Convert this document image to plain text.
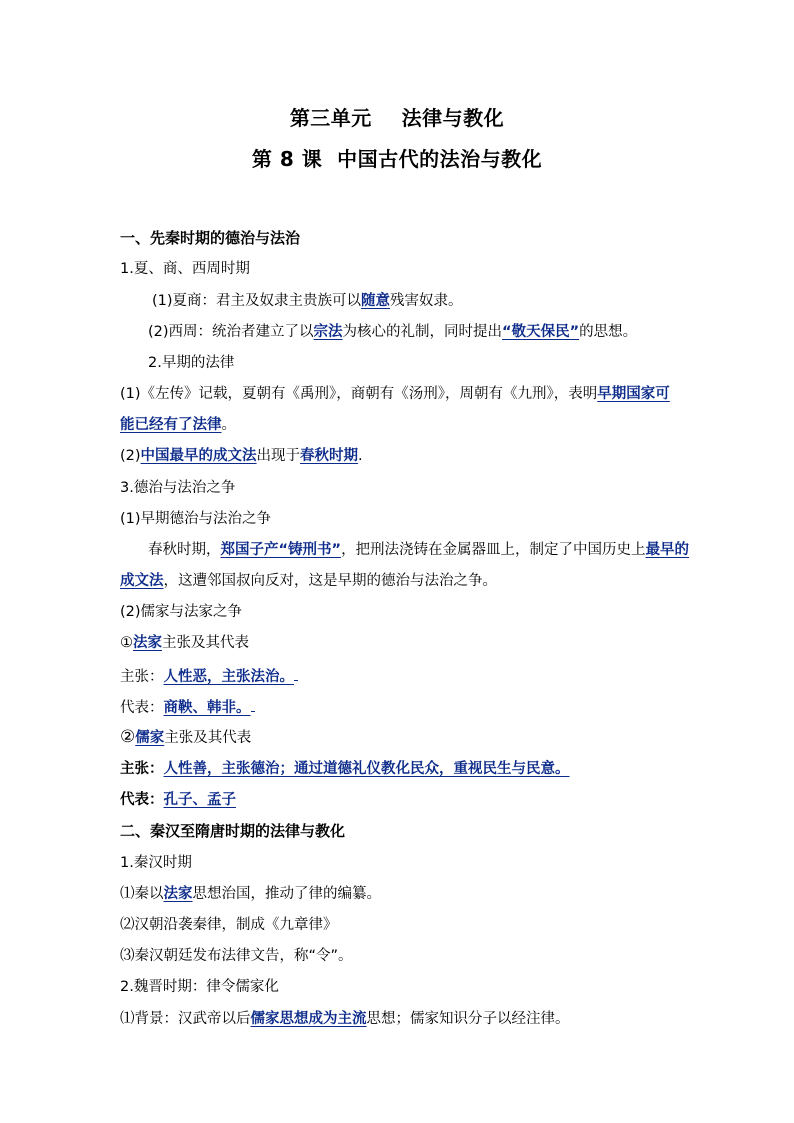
第三单元    法律与教化
第 8 课  中国古代的法治与教化
一、先秦时期的德治与法治
1.夏、商、西周时期
(1)夏商：君主及奴隶主贵族可以随意残害奴隶。
(2)西周：统治者建立了以宗法为核心的礼制，同时提出“敬天保民”的思想。
2.早期的法律
(1)《左传》记载，夏朝有《禹刑》，商朝有《汤刑》，周朝有《九刑》，表明早期国家可
能已经有了法律。
(2)中国最早的成文法出现于春秋时期.
3.德治与法治之争
(1)早期德治与法治之争
春秋时期，郑国子产“铸刑书”，把刑法浇铸在金属器皿上，制定了中国历史上最早的
成文法，这遭邻国叔向反对，这是早期的德治与法治之争。
(2)儒家与法家之争
①法家主张及其代表
主张：人性恶，主张法治。
代表：商鞅、韩非。
②儒家主张及其代表
主张：人性善，主张德治；通过道德礼仪教化民众，重视民生与民意。
代表：孔子、孟子
二、秦汉至隋唐时期的法律与教化
1.秦汉时期
⑴秦以法家思想治国，推动了律的编纂。
⑵汉朝沿袭秦律，制成《九章律》
⑶秦汉朝廷发布法律文告，称“令”。
2.魏晋时期：律令儒家化
⑴背景：汉武帝以后儒家思想成为主流思想；儒家知识分子以经注律。
